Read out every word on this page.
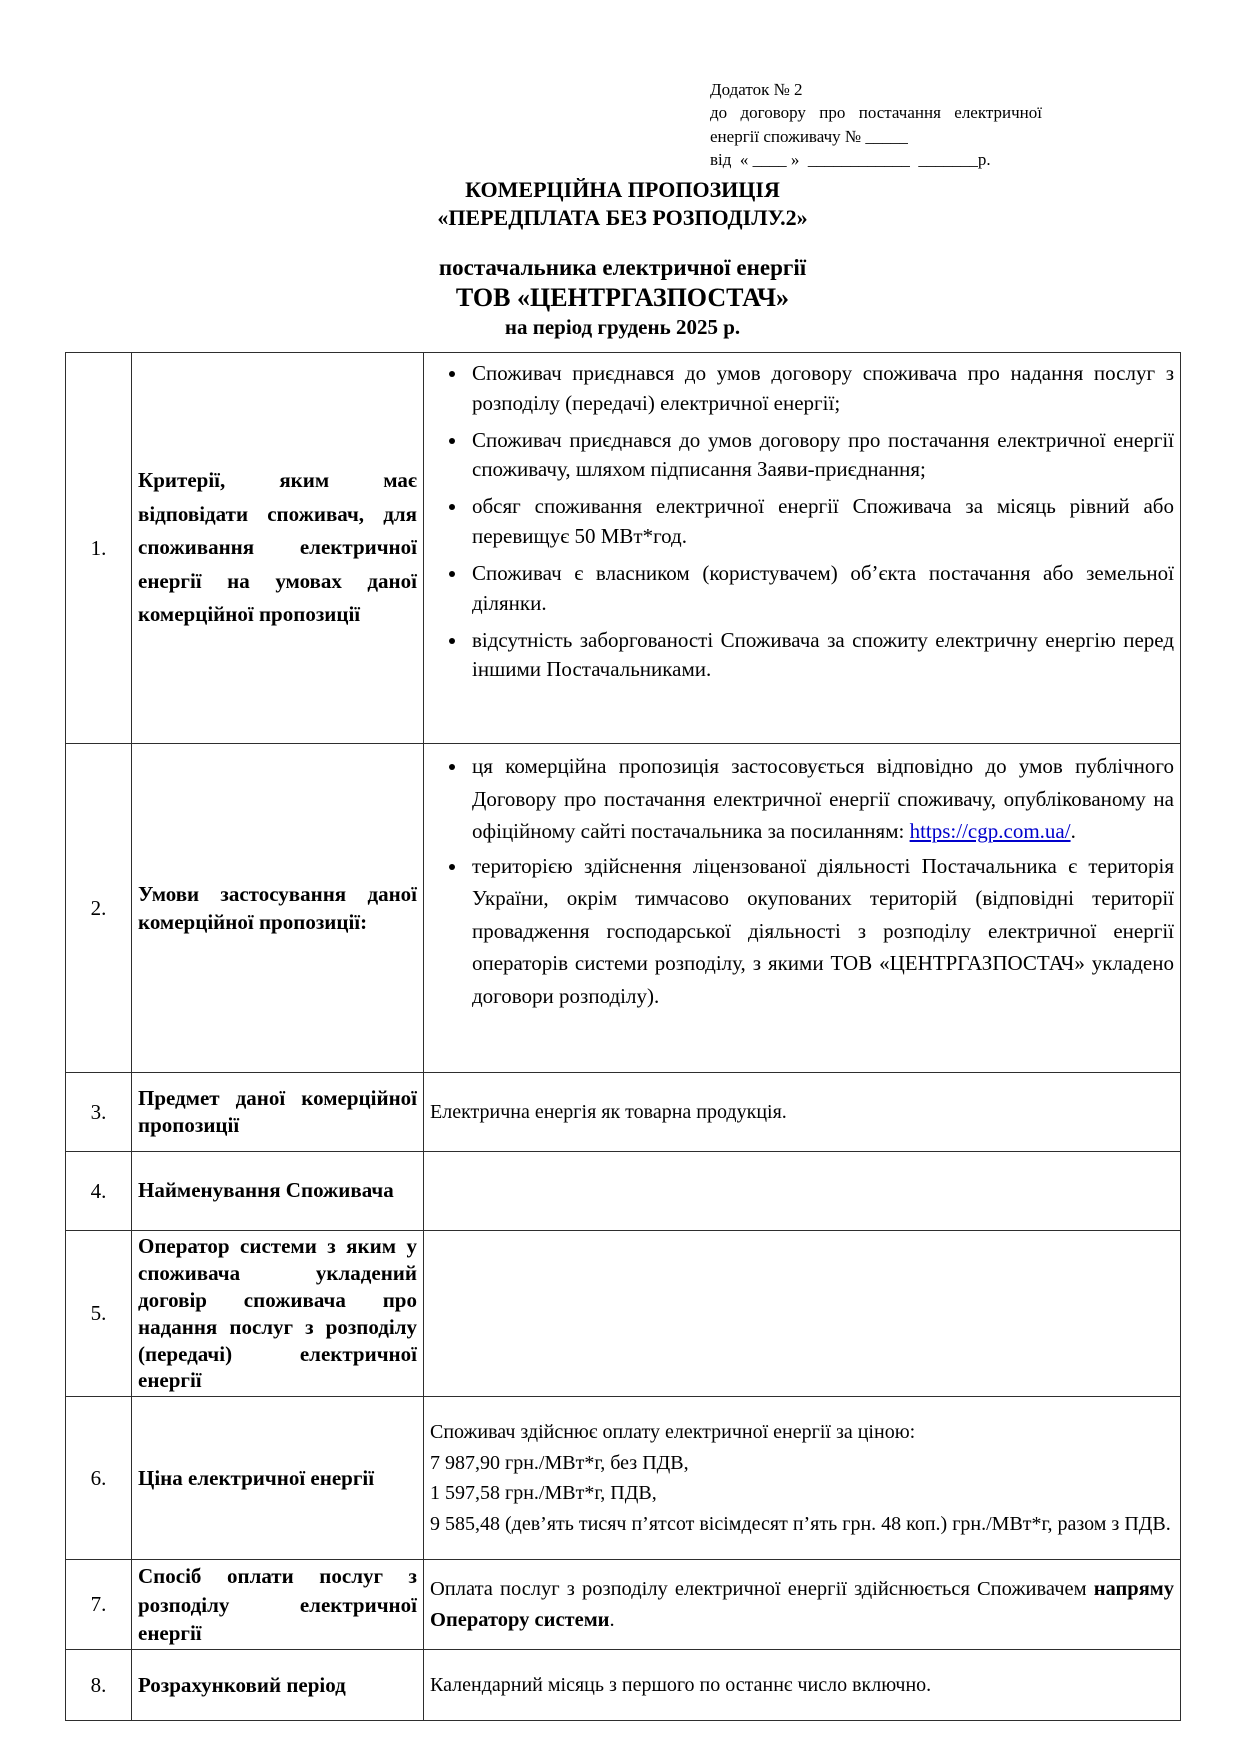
Додаток № 2
до договору про постачання електричної
енергії споживачу № _____
від  « ____ »  ____________  _______р.
КОМЕРЦІЙНА ПРОПОЗИЦІЯ
«ПЕРЕДПЛАТА БЕЗ РОЗПОДІЛУ.2»
постачальника електричної енергії
ТОВ «ЦЕНТРГАЗПОСТАЧ»
на період грудень 2025 р.
1.	Критерії, яким має відповідати споживач, для споживання електричної енергії на умовах даної комерційної пропозиції	
• Споживач приєднався до умов договору споживача про надання послуг з розподілу (передачі) електричної енергії;
• Споживач приєднався до умов договору про постачання електричної енергії споживачу, шляхом підписання Заяви-приєднання;
• обсяг споживання електричної енергії Споживача за місяць рівний або перевищує 50 МВт*год.
• Споживач є власником (користувачем) об’єкта постачання або земельної ділянки.
• відсутність заборгованості Споживача за спожиту електричну енергію перед іншими Постачальниками.

2.	Умови застосування даної комерційної пропозиції:	
• ця комерційна пропозиція застосовується відповідно до умов публічного Договору про постачання електричної енергії споживачу, опублікованому на офіційному сайті постачальника за посиланням: https://cgp.com.ua/.
• територією здійснення ліцензованої діяльності Постачальника є територія України, окрім тимчасово окупованих територій (відповідні території провадження господарської діяльності з розподілу електричної енергії операторів системи розподілу, з якими ТОВ «ЦЕНТРГАЗПОСТАЧ» укладено договори розподілу).

3.	Предмет даної комерційної пропозиції	Електрична енергія як товарна продукція.

4.	Найменування Споживача	
5.	Оператор системи з яким у споживача укладений договір споживача про надання послуг з розподілу (передачі) електричної енергії	
6.	Ціна електричної енергії	Споживач здійснює оплату електричної енергії за ціною:
7 987,90 грн./МВт*г, без ПДВ,
1 597,58 грн./МВт*г, ПДВ,
9 585,48 (дев’ять тисяч п’ятсот вісімдесят п’ять грн. 48 коп.) грн./МВт*г, разом з ПДВ.

7.	Спосіб оплати послуг з розподілу електричної енергії	Оплата послуг з розподілу електричної енергії здійснюється Споживачем напряму Оператору системи.

8.	Розрахунковий період	Календарний місяць з першого по останнє число включно.
